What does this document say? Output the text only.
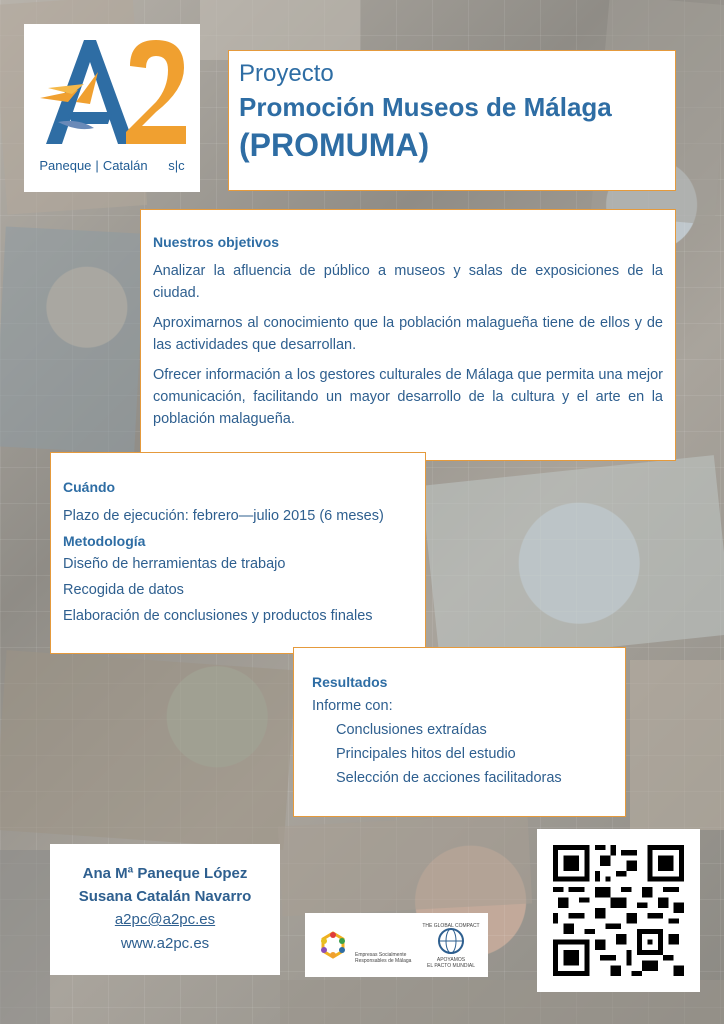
Paneque | Catalán s|c
Proyecto
Promoción Museos de Málaga
(PROMUMA)
Nuestros objetivos

Analizar la afluencia de público a museos y salas de exposiciones de la ciudad.

Aproximarnos al conocimiento que la población malagueña tiene de ellos y de las actividades que desarrollan.

Ofrecer información a los gestores culturales de Málaga que permita una mejor comunicación, facilitando un mayor desarrollo de la cultura y el arte en la población malagueña.

Cuándo
Plazo de ejecución: febrero—julio 2015 (6 meses)
Metodología
Diseño de herramientas de trabajo
Recogida de datos
Elaboración de conclusiones y productos finales
Resultados
Informe con:
Conclusiones extraídas
Principales hitos del estudio
Selección de acciones facilitadoras
Ana Mª Paneque López
Susana Catalán Navarro
a2pc@a2pc.es
www.a2pc.es
Empresas Socialmente
Responsables de Málaga
THE GLOBAL COMPACT
APOYAMOS
EL PACTO MUNDIAL
